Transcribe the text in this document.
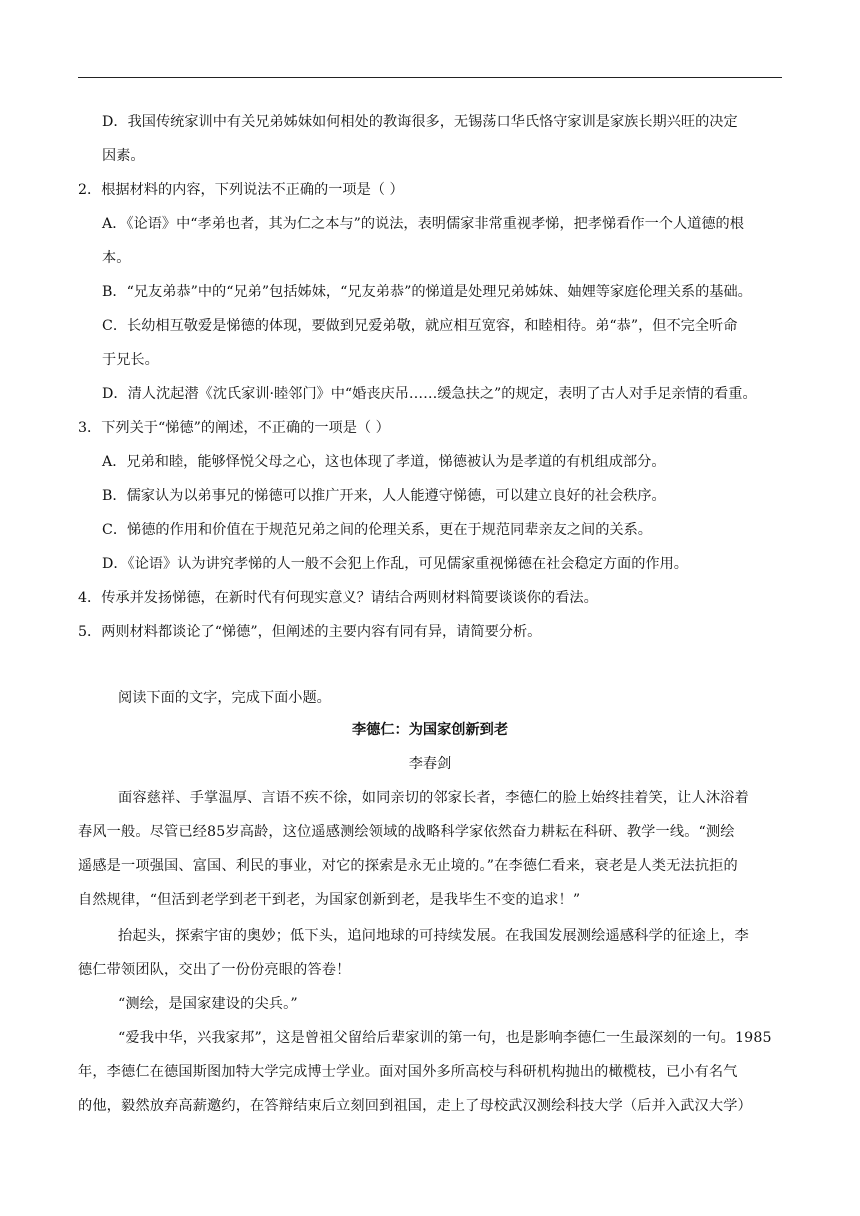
D．我国传统家训中有关兄弟姊妹如何相处的教诲很多，无锡荡口华氏恪守家训是家族长期兴旺的决定
因素。
2．根据材料的内容，下列说法不正确的一项是（ ）
A．《论语》中“孝弟也者，其为仁之本与”的说法，表明儒家非常重视孝悌，把孝悌看作一个人道德的根
本。
B．“兄友弟恭”中的“兄弟”包括姊妹，“兄友弟恭”的悌道是处理兄弟姊妹、妯娌等家庭伦理关系的基础。
C．长幼相互敬爱是悌德的体现，要做到兄爱弟敬，就应相互宽容，和睦相待。弟“恭”，但不完全听命
于兄长。
D．清人沈起潜《沈氏家训·睦邻门》中“婚丧庆吊……缓急扶之”的规定，表明了古人对手足亲情的看重。
3．下列关于“悌德”的阐述，不正确的一项是（ ）
A．兄弟和睦，能够怿悦父母之心，这也体现了孝道，悌德被认为是孝道的有机组成部分。
B．儒家认为以弟事兄的悌德可以推广开来，人人能遵守悌德，可以建立良好的社会秩序。
C．悌德的作用和价值在于规范兄弟之间的伦理关系，更在于规范同辈亲友之间的关系。
D．《论语》认为讲究孝悌的人一般不会犯上作乱，可见儒家重视悌德在社会稳定方面的作用。
4．传承并发扬悌德，在新时代有何现实意义？请结合两则材料简要谈谈你的看法。
5．两则材料都谈论了“悌德”，但阐述的主要内容有同有异，请简要分析。
阅读下面的文字，完成下面小题。
李德仁：为国家创新到老
李春剑
面容慈祥、手掌温厚、言语不疾不徐，如同亲切的邻家长者，李德仁的脸上始终挂着笑，让人沐浴着
春风一般。尽管已经85岁高龄，这位遥感测绘领域的战略科学家依然奋力耕耘在科研、教学一线。“测绘
遥感是一项强国、富国、利民的事业，对它的探索是永无止境的。”在李德仁看来，衰老是人类无法抗拒的
自然规律，“但活到老学到老干到老，为国家创新到老，是我毕生不变的追求！”
抬起头，探索宇宙的奥妙；低下头，追问地球的可持续发展。在我国发展测绘遥感科学的征途上，李
德仁带领团队，交出了一份份亮眼的答卷！
“测绘，是国家建设的尖兵。”
“爱我中华，兴我家邦”，这是曾祖父留给后辈家训的第一句，也是影响李德仁一生最深刻的一句。1985
年，李德仁在德国斯图加特大学完成博士学业。面对国外多所高校与科研机构抛出的橄榄枝，已小有名气
的他，毅然放弃高薪邀约，在答辩结束后立刻回到祖国，走上了母校武汉测绘科技大学（后并入武汉大学）
